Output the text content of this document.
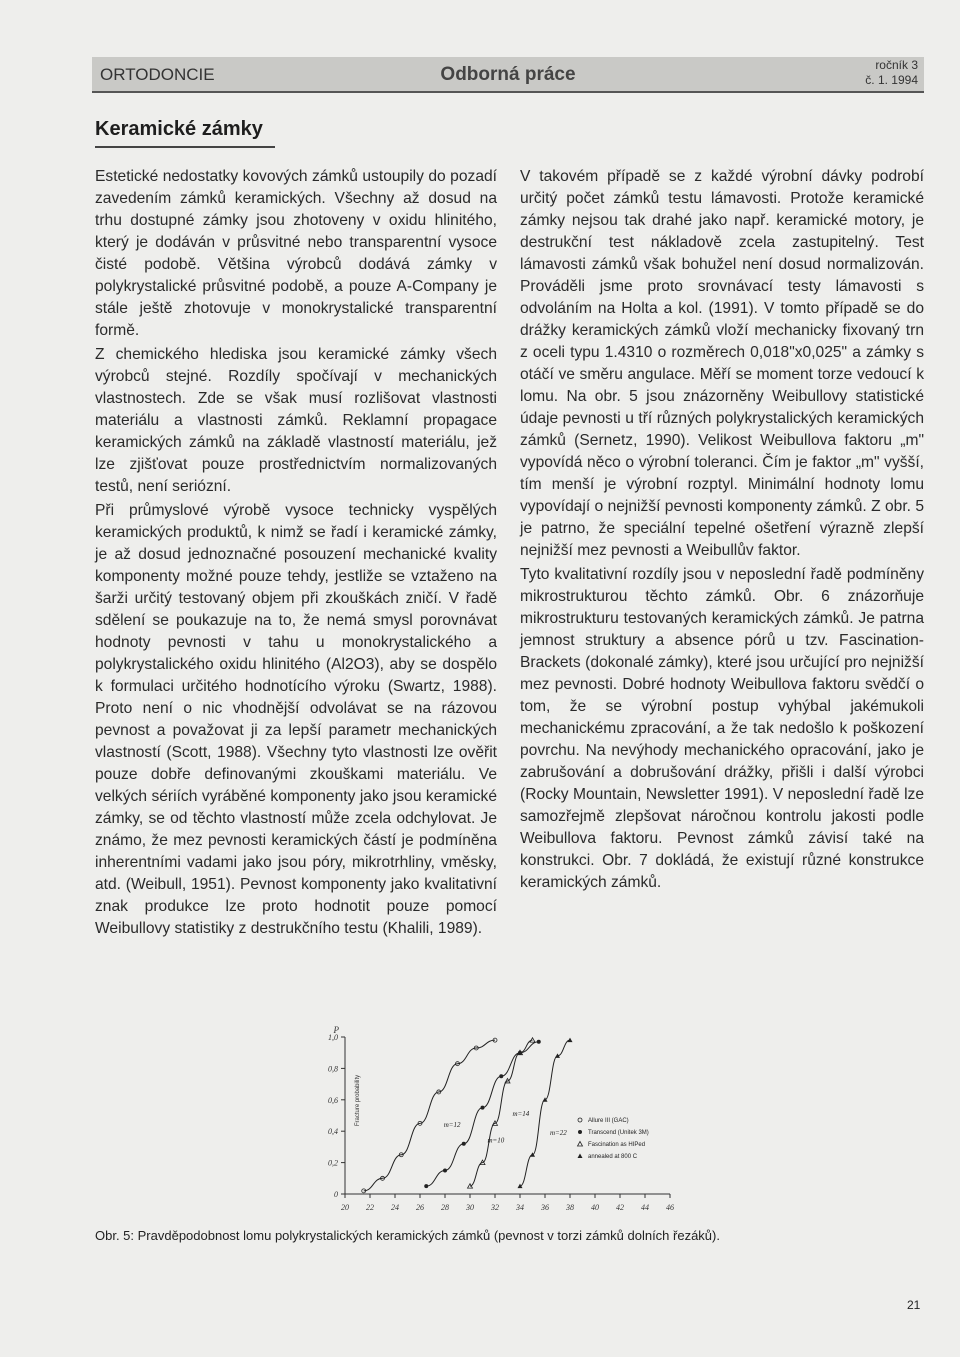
ORTODONCIE	Odborná práce	ročník 3
č. 1. 1994
Keramické zámky

Estetické nedostatky kovových zámků ustoupily do pozadí zavedením zámků keramických. Všechny až dosud na trhu dostupné zámky jsou zhotoveny v oxidu hlinitého, který je dodáván v průsvitné nebo transparentní vysoce čisté podobě. Většina výrobců dodává zámky v polykrystalické průsvitné podobě, a pouze A-Company je stále ještě zhotovuje v monokrystalické transparentní formě.

Z chemického hlediska jsou keramické zámky všech výrobců stejné. Rozdíly spočívají v mechanických vlastnostech. Zde se však musí rozlišovat vlastnosti materiálu a vlastnosti zámků. Reklamní propagace keramických zámků na základě vlastností materiálu, jež lze zjišťovat pouze prostřednictvím normalizovaných testů, není seriózní.

Při průmyslové výrobě vysoce technicky vyspělých keramických produktů, k nimž se řadí i keramické zámky, je až dosud jednoznačné posouzení mechanické kvality komponenty možné pouze tehdy, jestliže se vztaženo na šarži určitý testovaný objem při zkouškách zničí. V řadě sdělení se poukazuje na to, že nemá smysl porovnávat hodnoty pevnosti v tahu u monokrystalického a polykrystalického oxidu hlinitého (Al2O3), aby se dospělo k formulaci určitého hodnotícího výroku (Swartz, 1988). Proto není o nic vhodnější odvolávat se na rázovou pevnost a považovat ji za lepší parametr mechanických vlastností (Scott, 1988). Všechny tyto vlastnosti lze ověřit pouze dobře definovanými zkouškami materiálu. Ve velkých sériích vyráběné komponenty jako jsou keramické zámky, se od těchto vlastností může zcela odchylovat. Je známo, že mez pevnosti keramických částí je podmíněna inherentními vadami jako jsou póry, mikrotrhliny, vměsky, atd. (Weibull, 1951). Pevnost komponenty jako kvalitativní znak produkce lze proto hodnotit pouze pomocí Weibullovy statistiky z destrukčního testu (Khalili, 1989).

V takovém případě se z každé výrobní dávky podrobí určitý počet zámků testu lámavosti. Protože keramické zámky nejsou tak drahé jako např. keramické motory, je destrukční test nákladově zcela zastupitelný. Test lámavosti zámků však bohužel není dosud normalizován. Prováděli jsme proto srovnávací testy lámavosti s odvoláním na Holta a kol. (1991). V tomto případě se do drážky keramických zámků vloží mechanicky fixovaný trn z oceli typu 1.4310 o rozměrech 0,018"x0,025" a zámky s otáčí ve směru angulace. Měří se moment torze vedoucí k lomu. Na obr. 5 jsou znázorněny Weibullovy statistické údaje pevnosti u tří různých polykrystalických keramických zámků (Sernetz, 1990). Velikost Weibullova faktoru „m" vypovídá něco o výrobní toleranci. Čím je faktor „m" vyšší, tím menší je výrobní rozptyl. Minimální hodnoty lomu vypovídají o nejnižší pevnosti komponenty zámků. Z obr. 5 je patrno, že speciální tepelné ošetření výrazně zlepší nejnižší mez pevnosti a Weibullův faktor.

Tyto kvalitativní rozdíly jsou v neposlední řadě podmíněny mikrostrukturou těchto zámků. Obr. 6 znázorňuje mikrostrukturu testovaných keramických zámků. Je patrna jemnost struktury a absence pórů u tzv. Fascination-Brackets (dokonalé zámky), které jsou určující pro nejnižší mez pevnosti. Dobré hodnoty Weibullova faktoru svědčí o tom, že se výrobní postup vyhýbal jakémukoli mechanickému zpracování, a že tak nedošlo k poškození povrchu. Na nevýhody mechanického opracování, jako je zabrušování a dobrušování drážky, přišli i další výrobci (Rocky Mountain, Newsletter 1991). V neposlední řadě lze samozřejmě zlepšovat náročnou kontrolu jakosti podle Weibullova faktoru. Pevnost zámků závisí také na konstrukci. Obr. 7 dokládá, že existují různé konstrukce keramických zámků.

20 22 24 26 28 30 32 34 36 38 40 42 44 46
0
0,2
0,4
0,6
0,8
1,0
P
Fracture probability	m=12
m=10
m=14
m=22
Allure III (GAC)
Transcend (Unitek 3M)
Fascination as HIPed
annealed at 800 C
Obr. 5: Pravděpodobnost lomu polykrystalických keramických zámků (pevnost v torzi zámků dolních řezáků).
21
